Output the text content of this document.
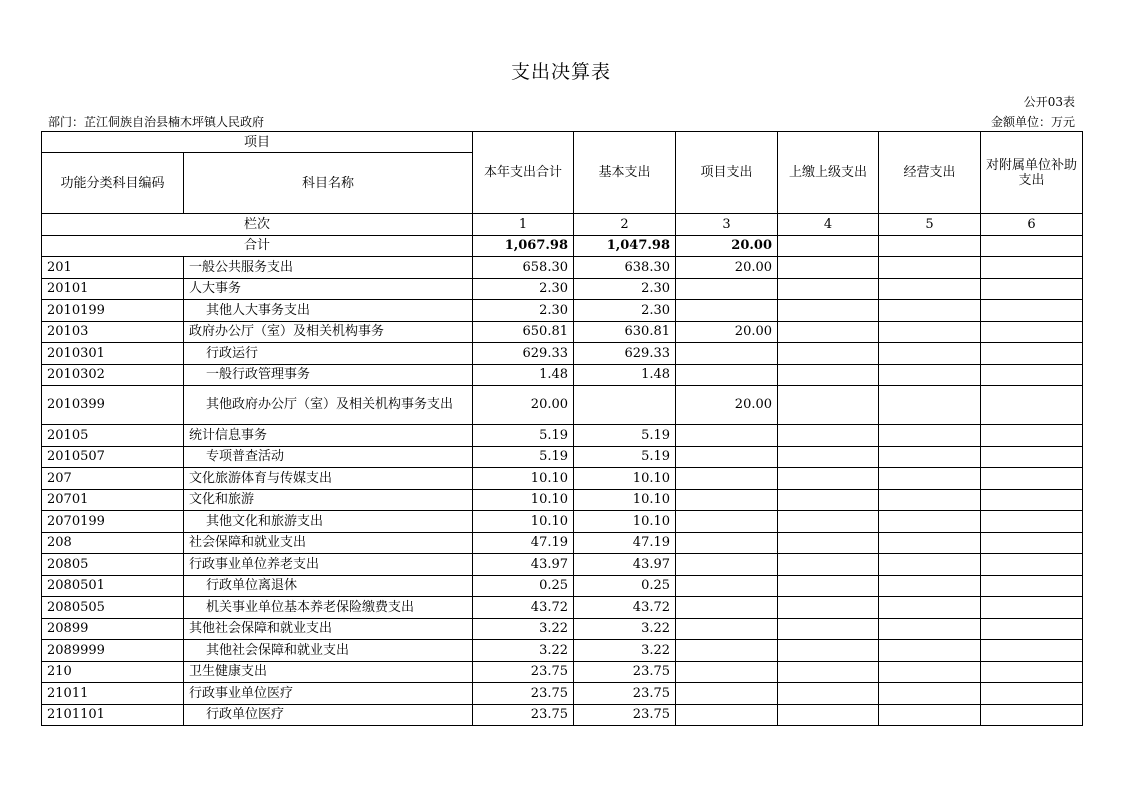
支出决算表
公开03表
部门：芷江侗族自治县楠木坪镇人民政府	金额单位：万元
项目		本年支出合计	基本支出	项目支出	上缴上级支出	经营支出	对附属单位补助支出
功能分类科目编码	科目名称						
栏次		1	2	3	4	5	6
合计		1,067.98	1,047.98	20.00			
201	一般公共服务支出	658.30	638.30	20.00			
20101	人大事务	2.30	2.30				
2010199	其他人大事务支出	2.30	2.30				
20103	政府办公厅（室）及相关机构事务	650.81	630.81	20.00			
2010301	行政运行	629.33	629.33				
2010302	一般行政管理事务	1.48	1.48				
2010399	其他政府办公厅（室）及相关机构事务支出	20.00		20.00			
20105	统计信息事务	5.19	5.19				
2010507	专项普查活动	5.19	5.19				
207	文化旅游体育与传媒支出	10.10	10.10				
20701	文化和旅游	10.10	10.10				
2070199	其他文化和旅游支出	10.10	10.10				
208	社会保障和就业支出	47.19	47.19				
20805	行政事业单位养老支出	43.97	43.97				
2080501	行政单位离退休	0.25	0.25				
2080505	机关事业单位基本养老保险缴费支出	43.72	43.72				
20899	其他社会保障和就业支出	3.22	3.22				
2089999	其他社会保障和就业支出	3.22	3.22				
210	卫生健康支出	23.75	23.75				
21011	行政事业单位医疗	23.75	23.75				
2101101	行政单位医疗	23.75	23.75				
